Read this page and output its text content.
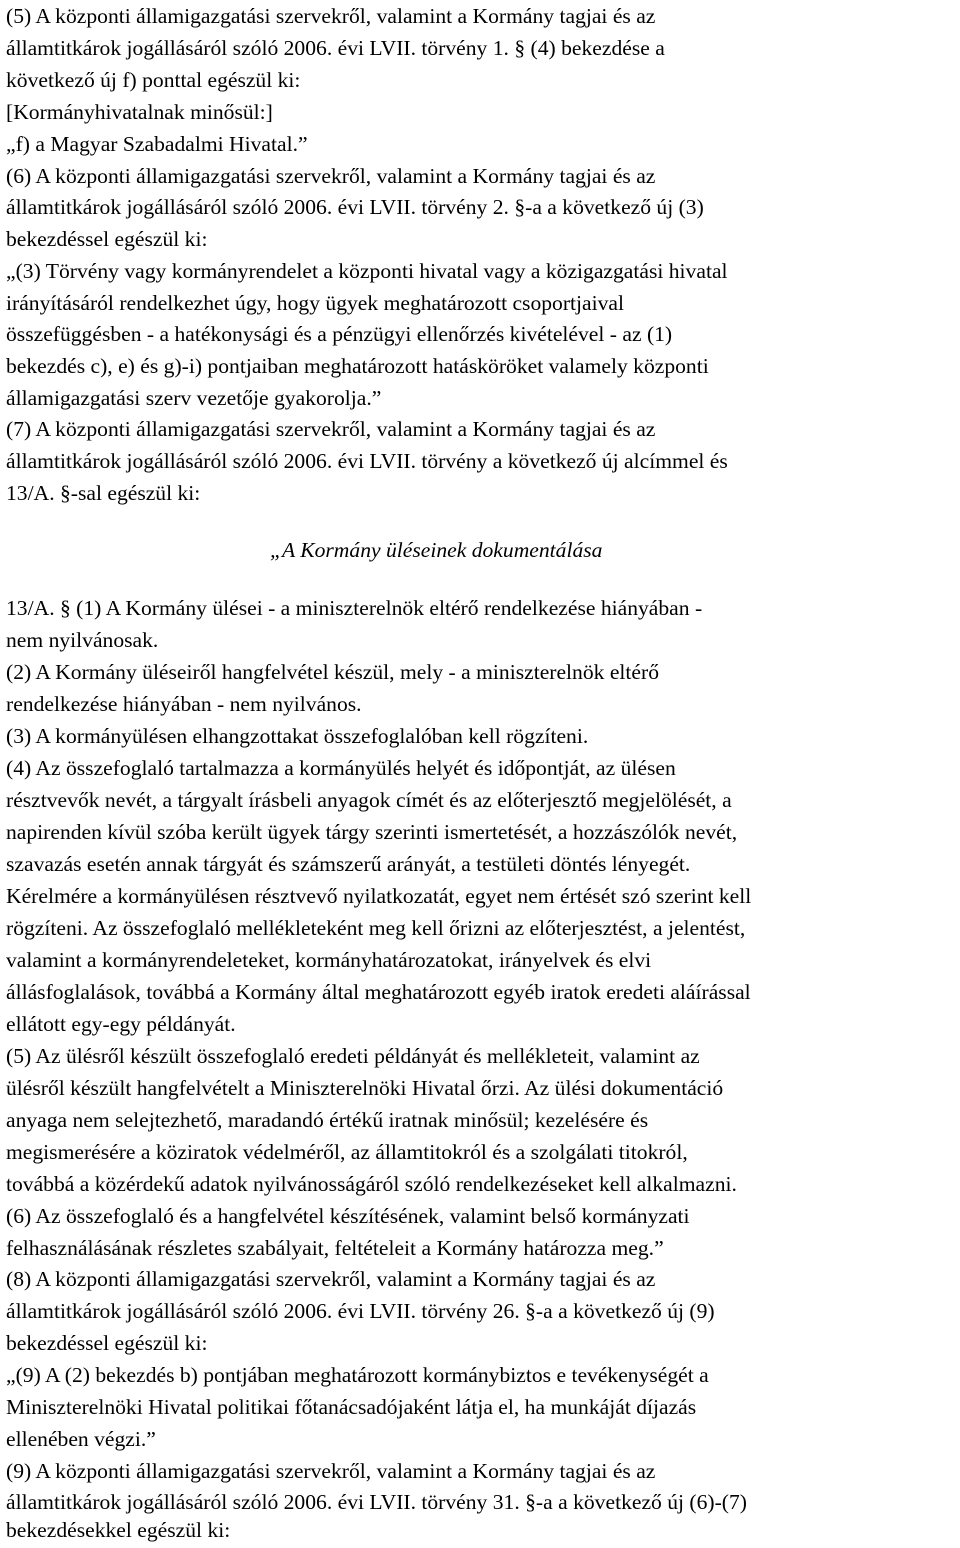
(5) A központi államigazgatási szervekről, valamint a Kormány tagjai és az

államtitkárok jogállásáról szóló 2006. évi LVII. törvény 1. § (4) bekezdése a

következő új f) ponttal egészül ki:

[Kormányhivatalnak minősül:]

„f) a Magyar Szabadalmi Hivatal.”

(6) A központi államigazgatási szervekről, valamint a Kormány tagjai és az

államtitkárok jogállásáról szóló 2006. évi LVII. törvény 2. §-a a következő új (3)

bekezdéssel egészül ki:

„(3) Törvény vagy kormányrendelet a központi hivatal vagy a közigazgatási hivatal

irányításáról rendelkezhet úgy, hogy ügyek meghatározott csoportjaival

összefüggésben - a hatékonysági és a pénzügyi ellenőrzés kivételével - az (1)

bekezdés c), e) és g)-i) pontjaiban meghatározott hatásköröket valamely központi

államigazgatási szerv vezetője gyakorolja.”

(7) A központi államigazgatási szervekről, valamint a Kormány tagjai és az

államtitkárok jogállásáról szóló 2006. évi LVII. törvény a következő új alcímmel és

13/A. §-sal egészül ki:

„A Kormány üléseinek dokumentálása

13/A. § (1) A Kormány ülései - a miniszterelnök eltérő rendelkezése hiányában -

nem nyilvánosak.

(2) A Kormány üléseiről hangfelvétel készül, mely - a miniszterelnök eltérő

rendelkezése hiányában - nem nyilvános.

(3) A kormányülésen elhangzottakat összefoglalóban kell rögzíteni.

(4) Az összefoglaló tartalmazza a kormányülés helyét és időpontját, az ülésen

résztvevők nevét, a tárgyalt írásbeli anyagok címét és az előterjesztő megjelölését, a

napirenden kívül szóba került ügyek tárgy szerinti ismertetését, a hozzászólók nevét,

szavazás esetén annak tárgyát és számszerű arányát, a testületi döntés lényegét.

Kérelmére a kormányülésen résztvevő nyilatkozatát, egyet nem értését szó szerint kell

rögzíteni. Az összefoglaló mellékleteként meg kell őrizni az előterjesztést, a jelentést,

valamint a kormányrendeleteket, kormányhatározatokat, irányelvek és elvi

állásfoglalások, továbbá a Kormány által meghatározott egyéb iratok eredeti aláírással

ellátott egy-egy példányát.

(5) Az ülésről készült összefoglaló eredeti példányát és mellékleteit, valamint az

ülésről készült hangfelvételt a Miniszterelnöki Hivatal őrzi. Az ülési dokumentáció

anyaga nem selejtezhető, maradandó értékű iratnak minősül; kezelésére és

megismerésére a köziratok védelméről, az államtitokról és a szolgálati titokról,

továbbá a közérdekű adatok nyilvánosságáról szóló rendelkezéseket kell alkalmazni.

(6) Az összefoglaló és a hangfelvétel készítésének, valamint belső kormányzati

felhasználásának részletes szabályait, feltételeit a Kormány határozza meg.”

(8) A központi államigazgatási szervekről, valamint a Kormány tagjai és az

államtitkárok jogállásáról szóló 2006. évi LVII. törvény 26. §-a a következő új (9)

bekezdéssel egészül ki:

„(9) A (2) bekezdés b) pontjában meghatározott kormánybiztos e tevékenységét a

Miniszterelnöki Hivatal politikai főtanácsadójaként látja el, ha munkáját díjazás

ellenében végzi.”

(9) A központi államigazgatási szervekről, valamint a Kormány tagjai és az

államtitkárok jogállásáról szóló 2006. évi LVII. törvény 31. §-a a következő új (6)-(7)

bekezdésekkel egészül ki:
